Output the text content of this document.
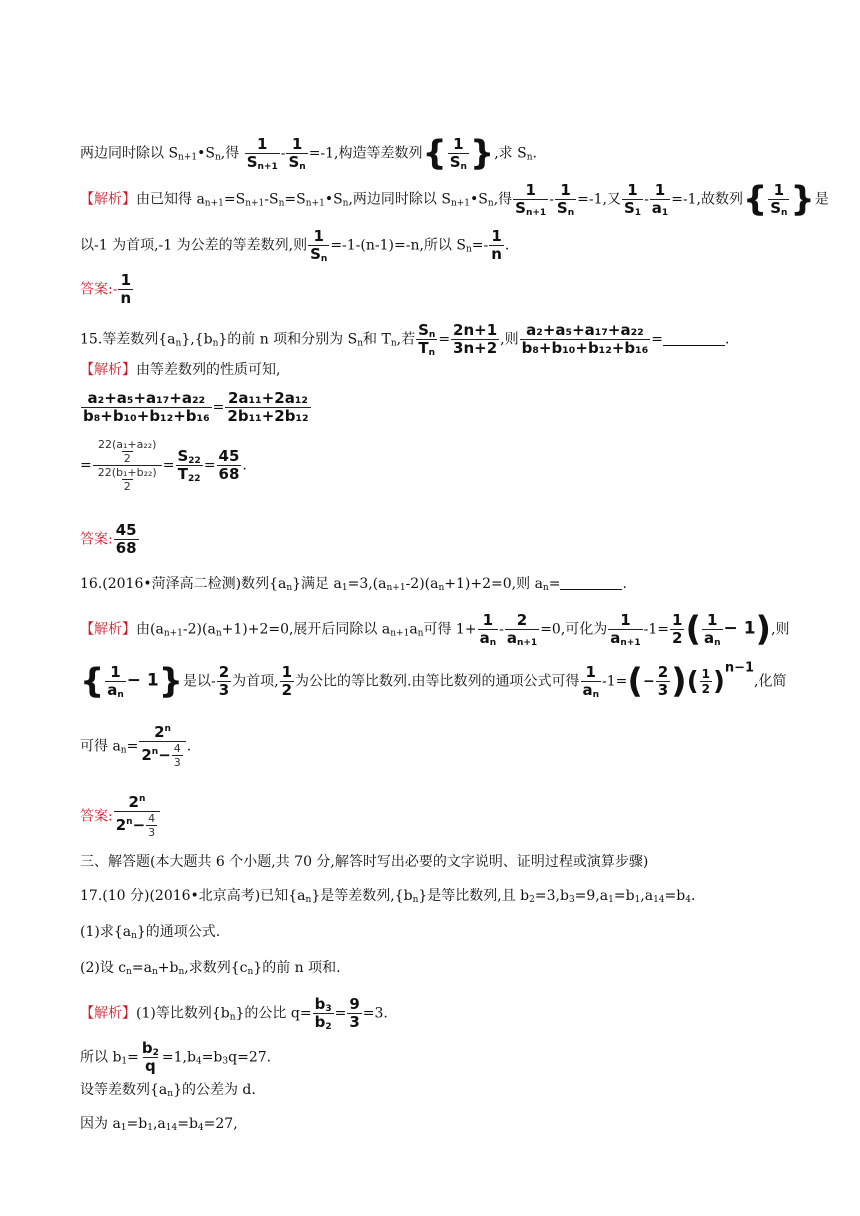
两边同时除以 $S_{n+1}•S_n$,得 $\frac{1}{S_{n+1}} - \frac{1}{S_n} =-1$,构造等差数列{ $\frac{1}{S_n}$ },求 $S_n$.
【解析】由已知得 $a_{n+1}=S_{n+1}-S_n=S_{n+1}•S_n$,两边同时除以 $S_{n+1}•S_n$,得 $\frac{1}{S_{n+1}} - \frac{1}{S_n} =-1$,又 $\frac{1}{S_1} - \frac{1}{a_1} =-1$,故数列{ $\frac{1}{S_n}$ }是
以-1 为首项,-1 为公差的等差数列,则 $\frac{1}{S_n} =-1-(n-1)=-n$,所以 $S_n=- \frac{1}{n}$ .
答案:- $\frac{1}{n}$
15.等差数列$\{a_n\},\{b_n\}$的前 n 项和分别为 $S_n$和 $T_n$,若 $\frac{S_n}{T_n} = \frac{2n+1}{3n+2}$ ,则 $\frac{\text{a₂+a₅+a₁₇+a₂₂}}{\text{b₈+b₁₀+b₁₂+b₁₆}}$ =	.
【解析】由等差数列的性质可知,
$\frac{\text{a₂+a₅+a₁₇+a₂₂}}{\text{b₈+b₁₀+b₁₂+b₁₆}} = \frac{\text{2a₁₁+2a₁₂}}{\text{2b₁₁+2b₁₂}}$
= $\frac{\frac{\text{22(a₁+a₂₂)}}{2}}{\frac{\text{22(b₁+b₂₂)}}{2}} = \frac{S_{22}}{T_{22}} = \frac{45}{68}$ .
答案: $\frac{45}{68}$
16.(2016•菏泽高二检测)数列$\{a_n\}$满足 $a_1=3,(a_{n+1}-2)(a_n+1)+2=0$,则 $a_n=$	.
【解析】由$(a_{n+1}-2)(a_n+1)+2=0$,展开后同除以 $a_{n+1}a_n$可得 $1+ \frac{1}{a_n} - \frac{2}{a_{n+1}} =0$,可化为 $\frac{1}{a_{n+1}} -1= \frac{1}{2}$ ( $\frac{1}{a_n} - 1$),则
{ $\frac{1}{a_n} - 1$}是以- $\frac{2}{3}$ 为首项, $\frac{1}{2}$ 为公比的等比数列.由等比数列的通项公式可得 $\frac{1}{a_n} -1=(- \frac{2}{3}$ )( $\frac{1}{2} )^{n-1}$,化简
可得 $a_n= \frac{2^n}{2^n- \frac{4}{3}}$ .
答案: $\frac{2^n}{2^n- \frac{4}{3}}$
三、解答题(本大题共 6 个小题,共 70 分,解答时写出必要的文字说明、证明过程或演算步骤)
17.(10 分)(2016•北京高考)已知$\{a_n\}$是等差数列$,\{b_n\}$是等比数列,且 $b_2=3,b_3=9,a_1=b_1,a_{14}=b_4$.
(1)求$\{a_n\}$的通项公式.
(2)设 $c_n=a_n+b_n$,求数列$\{c_n\}$的前 n 项和.
【解析】(1)等比数列$\{b_n\}$的公比 $q= \frac{b_3}{b_2} = \frac{9}{3} =3$.
所以 $b_1= \frac{b_2}{q} =1,b_4=b_3q=27$.
设等差数列$\{a_n\}$的公差为 d.
因为 $a_1=b_1,a_{14}=b_4=27$,
